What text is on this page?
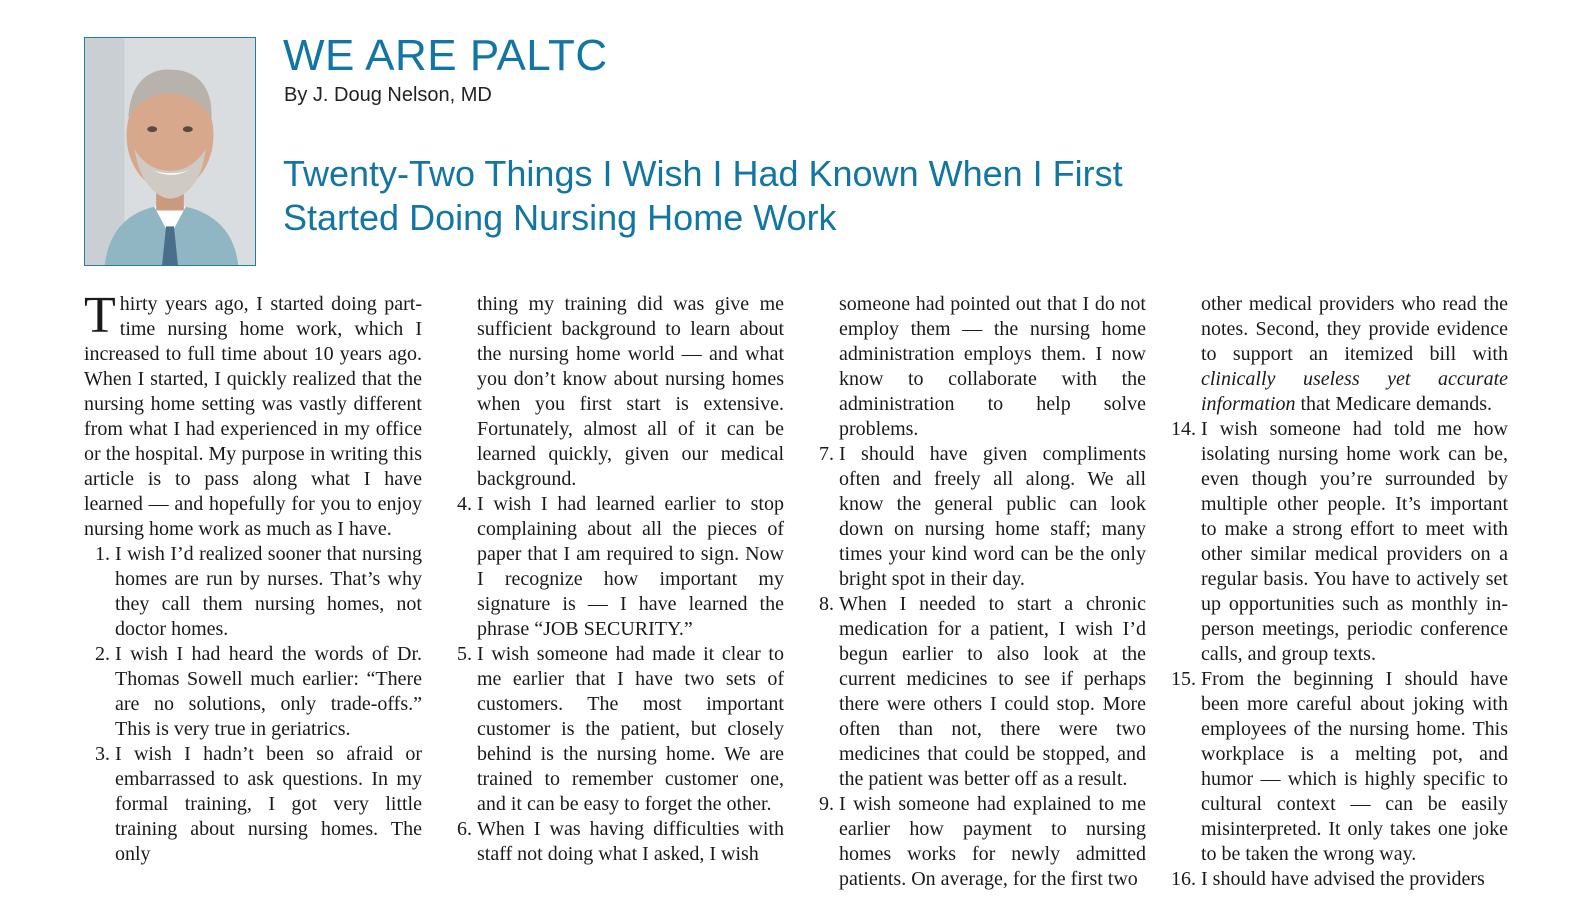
WE ARE PALTC
By J. Doug Nelson, MD
Twenty-Two Things I Wish I Had Known When I First
Started Doing Nursing Home Work

Thirty years ago, I started doing part-time nursing home work, which I increased to full time about 10 years ago. When I started, I quickly realized that the nursing home setting was vastly different from what I had experienced in my office or the hospital. My purpose in writing this article is to pass along what I have learned — and hopefully for you to enjoy nursing home work as much as I have.

1. I wish I’d realized sooner that nursing homes are run by nurses. That’s why they call them nursing homes, not doctor homes.

2. I wish I had heard the words of Dr. Thomas Sowell much earlier: “There are no solutions, only trade-offs.” This is very true in geriatrics.

3. I wish I hadn’t been so afraid or embarrassed to ask questions. In my formal training, I got very little training about nursing homes. The only

thing my training did was give me sufficient background to learn about the nursing home world — and what you don’t know about nursing homes when you first start is extensive. Fortunately, almost all of it can be learned quickly, given our medical background.

4. I wish I had learned earlier to stop complaining about all the pieces of paper that I am required to sign. Now I recognize how important my signature is — I have learned the phrase “JOB SECURITY.”

5. I wish someone had made it clear to me earlier that I have two sets of customers. The most important customer is the patient, but closely behind is the nursing home. We are trained to remember customer one, and it can be easy to forget the other.

6. When I was having difficulties with staff not doing what I asked, I wish

someone had pointed out that I do not employ them — the nursing home administration employs them. I now know to collaborate with the administration to help solve problems.

7. I should have given compliments often and freely all along. We all know the general public can look down on nursing home staff; many times your kind word can be the only bright spot in their day.

8. When I needed to start a chronic medication for a patient, I wish I’d begun earlier to also look at the current medicines to see if perhaps there were others I could stop. More often than not, there were two medicines that could be stopped, and the patient was better off as a result.

9. I wish someone had explained to me earlier how payment to nursing homes works for newly admitted patients. On average, for the first two

other medical providers who read the notes. Second, they provide evidence to support an itemized bill with clinically useless yet accurate information that Medicare demands.

14. I wish someone had told me how isolating nursing home work can be, even though you’re surrounded by multiple other people. It’s important to make a strong effort to meet with other similar medical providers on a regular basis. You have to actively set up opportunities such as monthly in-person meetings, periodic conference calls, and group texts.

15. From the beginning I should have been more careful about joking with employees of the nursing home. This workplace is a melting pot, and humor — which is highly specific to cultural context — can be easily misinterpreted. It only takes one joke to be taken the wrong way.

16. I should have advised the providers
